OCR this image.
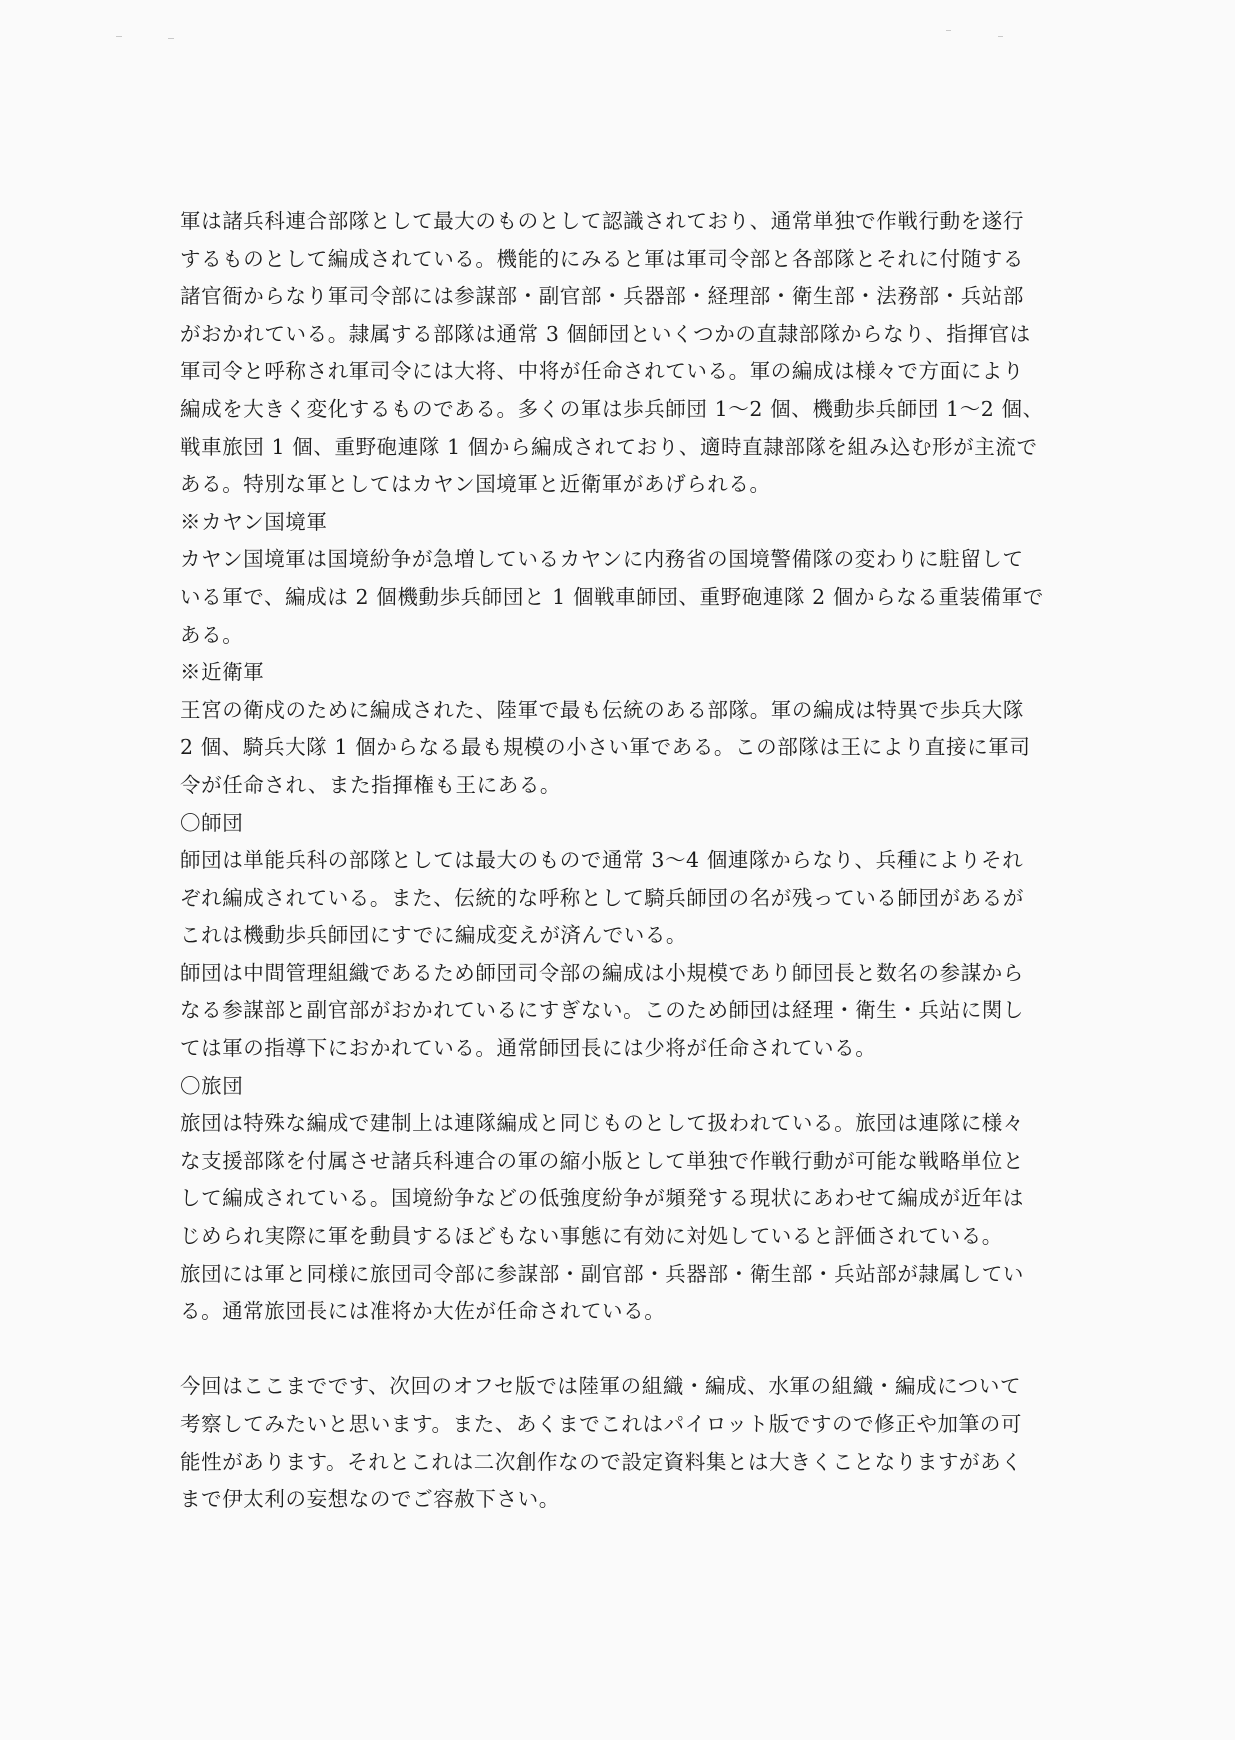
軍は諸兵科連合部隊として最大のものとして認識されており、通常単独で作戦行動を遂行

するものとして編成されている。機能的にみると軍は軍司令部と各部隊とそれに付随する

諸官衙からなり軍司令部には参謀部・副官部・兵器部・経理部・衛生部・法務部・兵站部

がおかれている。隷属する部隊は通常 3 個師団といくつかの直隷部隊からなり、指揮官は

軍司令と呼称され軍司令には大将、中将が任命されている。軍の編成は様々で方面により

編成を大きく変化するものである。多くの軍は歩兵師団 1～2 個、機動歩兵師団 1～2 個、

戦車旅団 1 個、重野砲連隊 1 個から編成されており、適時直隷部隊を組み込む形が主流で

ある。特別な軍としてはカヤン国境軍と近衛軍があげられる。

※カヤン国境軍

カヤン国境軍は国境紛争が急増しているカヤンに内務省の国境警備隊の変わりに駐留して

いる軍で、編成は 2 個機動歩兵師団と 1 個戦車師団、重野砲連隊 2 個からなる重装備軍で

ある。

※近衛軍

王宮の衛戍のために編成された、陸軍で最も伝統のある部隊。軍の編成は特異で歩兵大隊

2 個、騎兵大隊 1 個からなる最も規模の小さい軍である。この部隊は王により直接に軍司

令が任命され、また指揮権も王にある。

〇師団

師団は単能兵科の部隊としては最大のもので通常 3～4 個連隊からなり、兵種によりそれ

ぞれ編成されている。また、伝統的な呼称として騎兵師団の名が残っている師団があるが

これは機動歩兵師団にすでに編成変えが済んでいる。

師団は中間管理組織であるため師団司令部の編成は小規模であり師団長と数名の参謀から

なる参謀部と副官部がおかれているにすぎない。このため師団は経理・衛生・兵站に関し

ては軍の指導下におかれている。通常師団長には少将が任命されている。

〇旅団

旅団は特殊な編成で建制上は連隊編成と同じものとして扱われている。旅団は連隊に様々

な支援部隊を付属させ諸兵科連合の軍の縮小版として単独で作戦行動が可能な戦略単位と

して編成されている。国境紛争などの低強度紛争が頻発する現状にあわせて編成が近年は

じめられ実際に軍を動員するほどもない事態に有効に対処していると評価されている。

旅団には軍と同様に旅団司令部に参謀部・副官部・兵器部・衛生部・兵站部が隷属してい

る。通常旅団長には准将か大佐が任命されている。

今回はここまでです、次回のオフセ版では陸軍の組織・編成、水軍の組織・編成について

考察してみたいと思います。また、あくまでこれはパイロット版ですので修正や加筆の可

能性があります。それとこれは二次創作なので設定資料集とは大きくことなりますがあく

まで伊太利の妄想なのでご容赦下さい。
